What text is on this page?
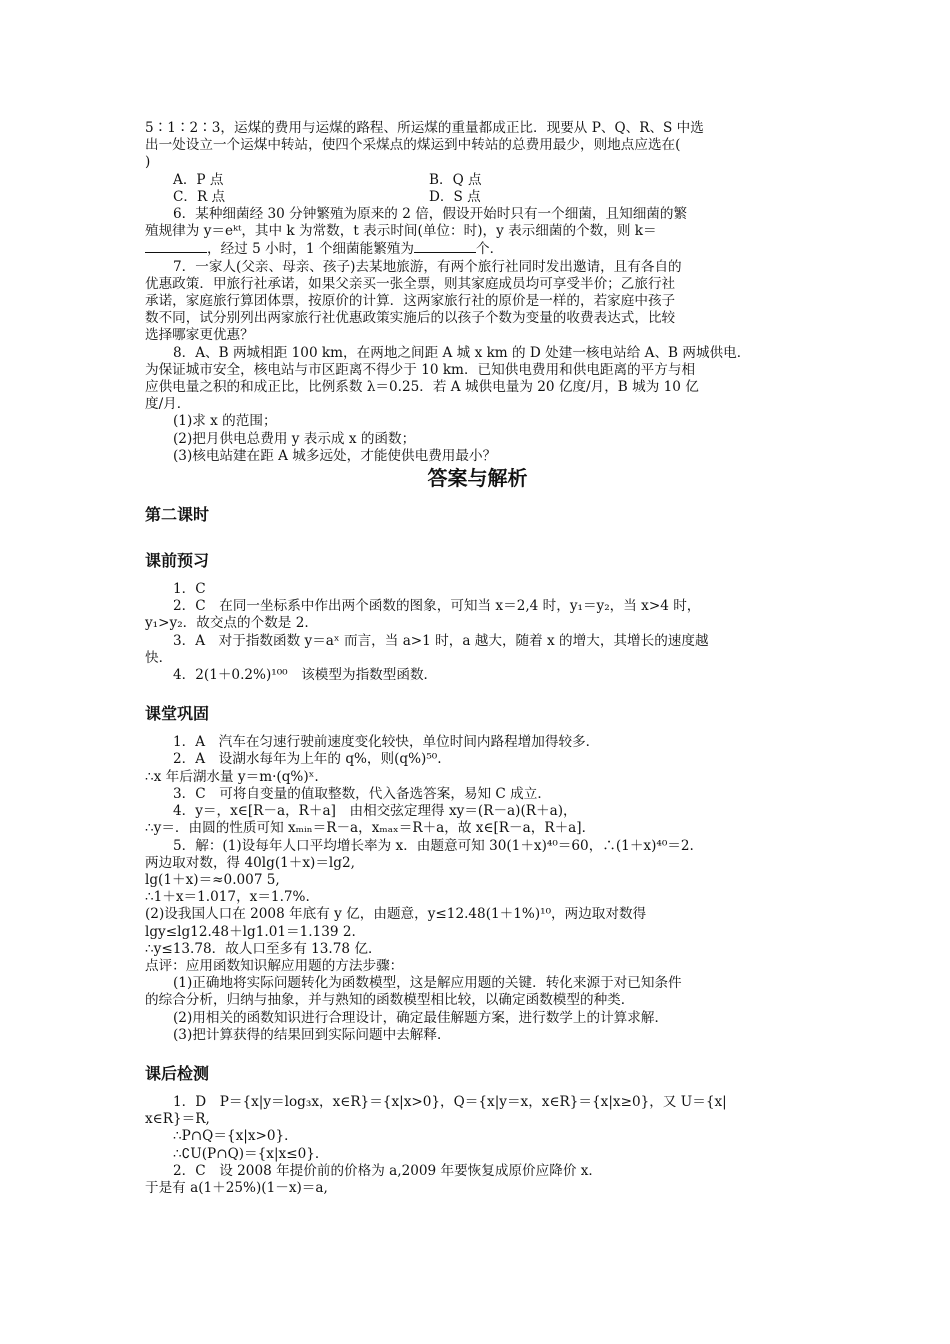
5∶1∶2∶3，运煤的费用与运煤的路程、所运煤的重量都成正比．现要从 P、Q、R、S 中选
出一处设立一个运煤中转站，使四个采煤点的煤运到中转站的总费用最少，则地点应选在(
)
A．P 点	B．Q 点
C．R 点	D．S 点
6．某种细菌经 30 分钟繁殖为原来的 2 倍，假设开始时只有一个细菌，且知细菌的繁
殖规律为 y＝eᵏᵗ，其中 k 为常数，t 表示时间(单位：时)，y 表示细菌的个数，则 k＝
，经过 5 小时，1 个细菌能繁殖为	个．
7．一家人(父亲、母亲、孩子)去某地旅游，有两个旅行社同时发出邀请，且有各自的
优惠政策．甲旅行社承诺，如果父亲买一张全票，则其家庭成员均可享受半价；乙旅行社
承诺，家庭旅行算团体票，按原价的计算．这两家旅行社的原价是一样的，若家庭中孩子
数不同，试分别列出两家旅行社优惠政策实施后的以孩子个数为变量的收费表达式，比较
选择哪家更优惠？
8．A、B 两城相距 100 km，在两地之间距 A 城 x km 的 D 处建一核电站给 A、B 两城供电．
为保证城市安全，核电站与市区距离不得少于 10 km．已知供电费用和供电距离的平方与相
应供电量之积的和成正比，比例系数 λ＝0.25．若 A 城供电量为 20 亿度/月，B 城为 10 亿
度/月．
(1)求 x 的范围；
(2)把月供电总费用 y 表示成 x 的函数；
(3)核电站建在距 A 城多远处，才能使供电费用最小？
答案与解析
第二课时
课前预习
1．C
2．C　在同一坐标系中作出两个函数的图象，可知当 x＝2,4 时，y₁＝y₂，当 x>4 时，
y₁>y₂．故交点的个数是 2.
3．A　对于指数函数 y＝aˣ 而言，当 a>1 时，a 越大，随着 x 的增大，其增长的速度越
快．
4．2(1＋0.2%)¹⁰⁰　该模型为指数型函数．
课堂巩固
1．A　汽车在匀速行驶前速度变化较快，单位时间内路程增加得较多．
2．A　设湖水每年为上年的 q%，则(q%)⁵⁰.
∴x 年后湖水量 y＝m·(q%)ˣ.
3．C　可将自变量的值取整数，代入备选答案，易知 C 成立．
4．y＝，x∈[R－a，R＋a]　由相交弦定理得 xy＝(R－a)(R＋a)，
∴y＝．由圆的性质可知 xₘᵢₙ＝R－a，xₘₐₓ＝R＋a，故 x∈[R－a，R＋a]．
5．解：(1)设每年人口平均增长率为 x．由题意可知 30(1＋x)⁴⁰＝60，∴(1＋x)⁴⁰＝2.
两边取对数，得 40lg(1＋x)＝lg2,
lg(1＋x)＝≈0.007 5,
∴1＋x＝1.017，x＝1.7%.
(2)设我国人口在 2008 年底有 y 亿，由题意，y≤12.48(1＋1%)¹⁰，两边取对数得
lgy≤lg12.48＋lg1.01＝1.139 2.
∴y≤13.78．故人口至多有 13.78 亿．
点评：应用函数知识解应用题的方法步骤：
(1)正确地将实际问题转化为函数模型，这是解应用题的关键．转化来源于对已知条件
的综合分析，归纳与抽象，并与熟知的函数模型相比较，以确定函数模型的种类．
(2)用相关的函数知识进行合理设计，确定最佳解题方案，进行数学上的计算求解．
(3)把计算获得的结果回到实际问题中去解释．
课后检测
1．D　P＝{x|y＝log₃x，x∈R}＝{x|x>0}，Q＝{x|y＝x，x∈R}＝{x|x≥0}，又 U＝{x|
x∈R}＝R,
∴P∩Q＝{x|x>0}．
∴∁U(P∩Q)＝{x|x≤0}．
2．C　设 2008 年提价前的价格为 a,2009 年要恢复成原价应降价 x．
于是有 a(1＋25%)(1－x)＝a,
